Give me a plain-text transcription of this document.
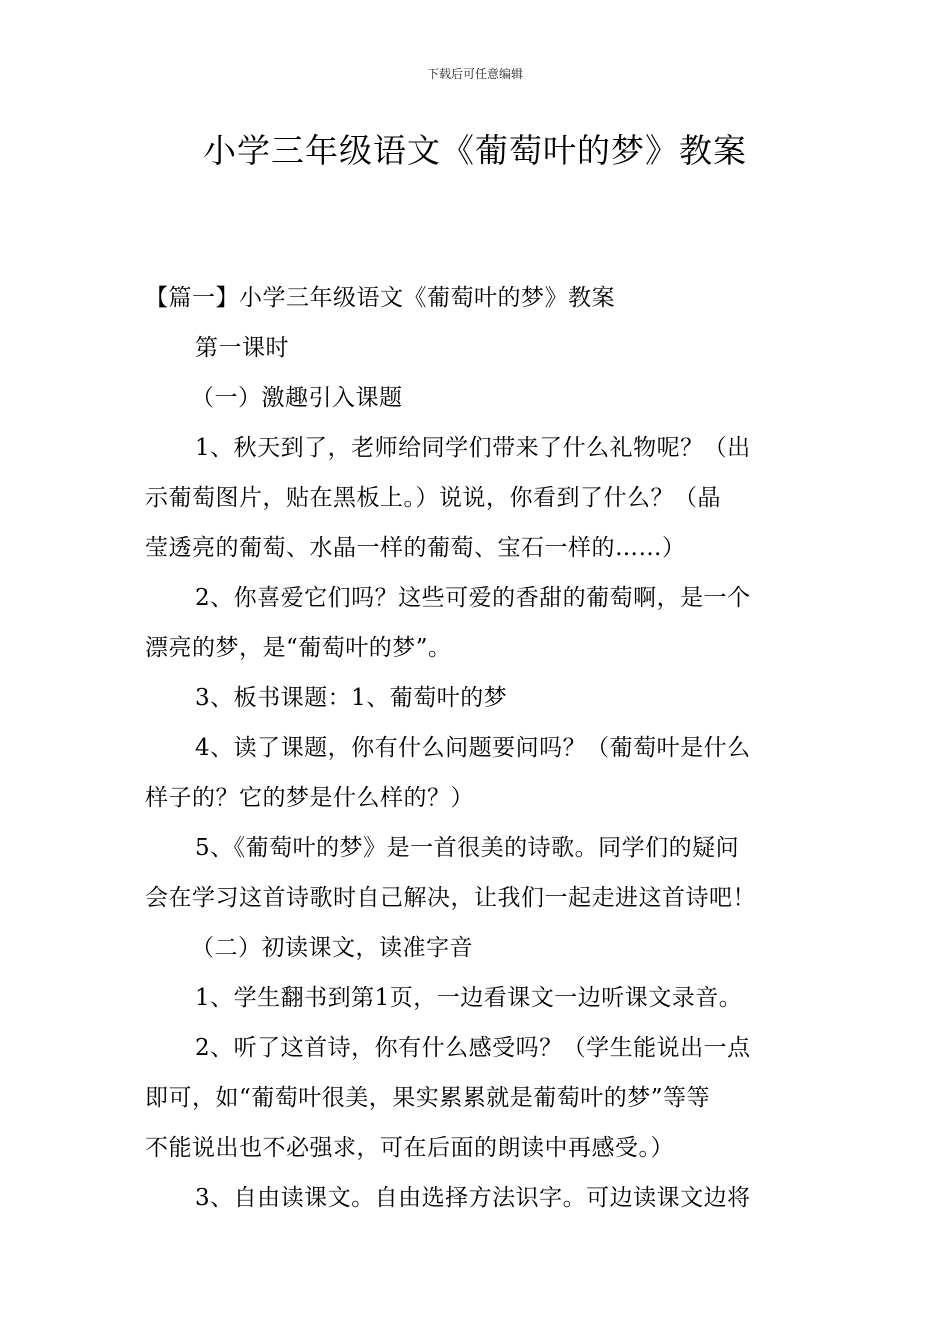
下载后可任意编辑
小学三年级语文《葡萄叶的梦》教案
【篇一】小学三年级语文《葡萄叶的梦》教案
第一课时
（一）激趣引入课题
1、秋天到了，老师给同学们带来了什么礼物呢？（出
示葡萄图片，贴在黑板上。）说说，你看到了什么？（晶
莹透亮的葡萄、水晶一样的葡萄、宝石一样的……）
2、你喜爱它们吗？这些可爱的香甜的葡萄啊，是一个
漂亮的梦，是“葡萄叶的梦”。
3、板书课题：1、葡萄叶的梦
4、读了课题，你有什么问题要问吗？（葡萄叶是什么
样子的？它的梦是什么样的？）
5、《葡萄叶的梦》是一首很美的诗歌。同学们的疑问
会在学习这首诗歌时自己解决，让我们一起走进这首诗吧！
（二）初读课文，读准字音
1、学生翻书到第1页，一边看课文一边听课文录音。
2、听了这首诗，你有什么感受吗？（学生能说出一点
即可，如“葡萄叶很美，果实累累就是葡萄叶的梦”等等
不能说出也不必强求，可在后面的朗读中再感受。）
3、自由读课文。自由选择方法识字。可边读课文边将
